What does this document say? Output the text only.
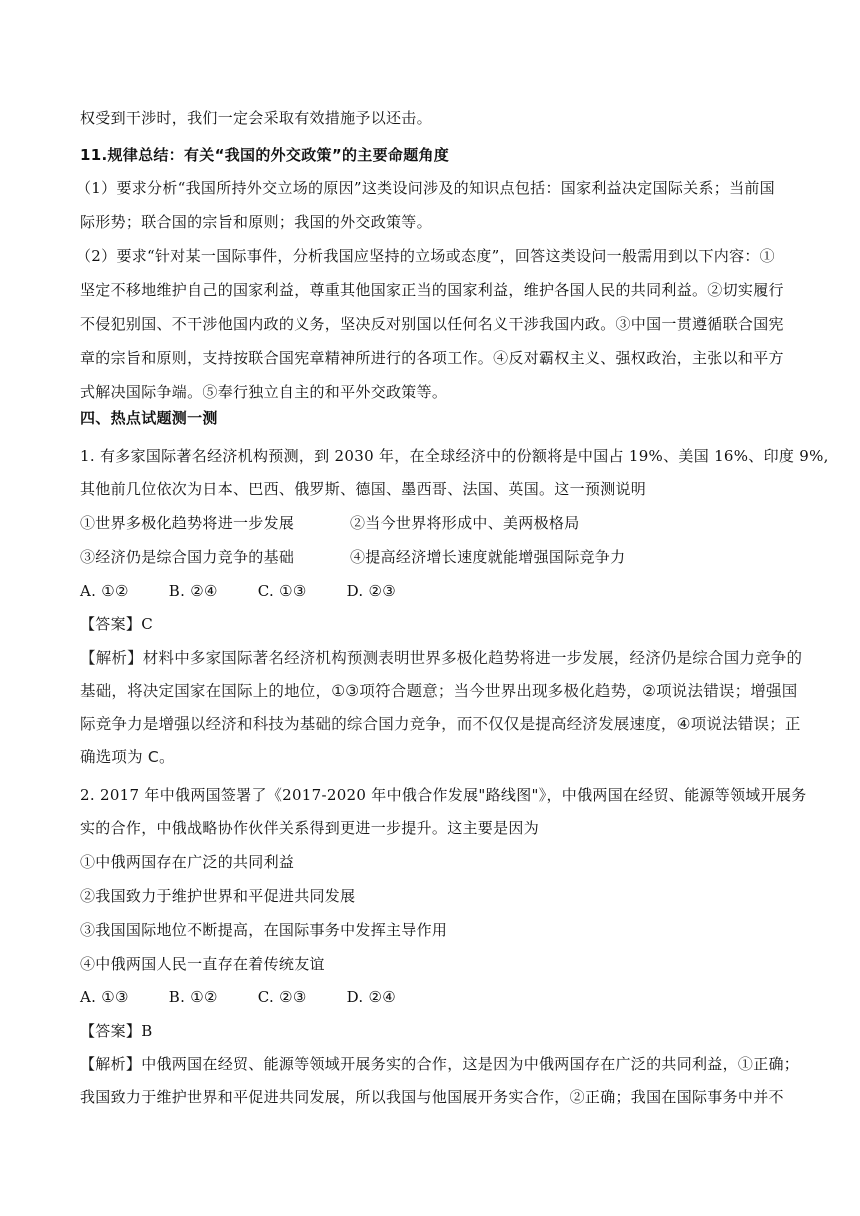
权受到干涉时，我们一定会采取有效措施予以还击。
11.规律总结：有关“我国的外交政策”的主要命题角度
（1）要求分析“我国所持外交立场的原因”这类设问涉及的知识点包括：国家利益决定国际关系；当前国
际形势；联合国的宗旨和原则；我国的外交政策等。
（2）要求“针对某一国际事件，分析我国应坚持的立场或态度”，回答这类设问一般需用到以下内容：①
坚定不移地维护自己的国家利益，尊重其他国家正当的国家利益，维护各国人民的共同利益。②切实履行
不侵犯别国、不干涉他国内政的义务，坚决反对别国以任何名义干涉我国内政。③中国一贯遵循联合国宪
章的宗旨和原则，支持按联合国宪章精神所进行的各项工作。④反对霸权主义、强权政治，主张以和平方
式解决国际争端。⑤奉行独立自主的和平外交政策等。
四、热点试题测一测
1. 有多家国际著名经济机构预测，到 2030 年，在全球经济中的份额将是中国占 19%、美国 16%、印度 9%,
其他前几位依次为日本、巴西、俄罗斯、德国、墨西哥、法国、英国。这一预测说明
①世界多极化趋势将进一步发展	②当今世界将形成中、美两极格局
③经济仍是综合国力竞争的基础	④提高经济增长速度就能增强国际竞争力
A. ①②	B. ②④	C. ①③	D. ②③
【答案】C
【解析】材料中多家国际著名经济机构预测表明世界多极化趋势将进一步发展，经济仍是综合国力竞争的
基础，将决定国家在国际上的地位，①③项符合题意；当今世界出现多极化趋势，②项说法错误；增强国
际竞争力是增强以经济和科技为基础的综合国力竞争，而不仅仅是提高经济发展速度，④项说法错误；正
确选项为 C。
2. 2017 年中俄两国签署了《2017-2020 年中俄合作发展"路线图"》，中俄两国在经贸、能源等领域开展务
实的合作，中俄战略协作伙伴关系得到更进一步提升。这主要是因为
①中俄两国存在广泛的共同利益
②我国致力于维护世界和平促进共同发展
③我国国际地位不断提高，在国际事务中发挥主导作用
④中俄两国人民一直存在着传统友谊
A. ①③	B. ①②	C. ②③	D. ②④
【答案】B
【解析】中俄两国在经贸、能源等领域开展务实的合作，这是因为中俄两国存在广泛的共同利益，①正确；
我国致力于维护世界和平促进共同发展，所以我国与他国展开务实合作，②正确；我国在国际事务中并不
